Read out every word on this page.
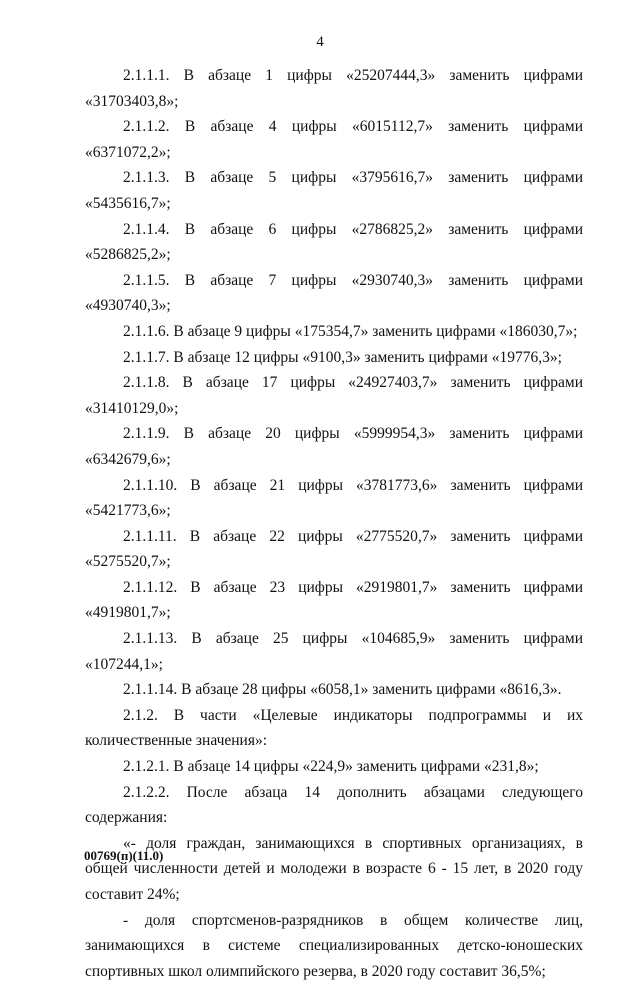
4

2.1.1.1. В абзаце 1 цифры «25207444,3» заменить цифрами «31703403,8»;

2.1.1.2. В абзаце 4 цифры «6015112,7» заменить цифрами «6371072,2»;

2.1.1.3. В абзаце 5 цифры «3795616,7» заменить цифрами «5435616,7»;

2.1.1.4. В абзаце 6 цифры «2786825,2» заменить цифрами «5286825,2»;

2.1.1.5. В абзаце 7 цифры «2930740,3» заменить цифрами «4930740,3»;

2.1.1.6. В абзаце 9 цифры «175354,7» заменить цифрами «186030,7»;

2.1.1.7. В абзаце 12 цифры «9100,3» заменить цифрами «19776,3»;

2.1.1.8. В абзаце 17 цифры «24927403,7» заменить цифрами «31410129,0»;

2.1.1.9. В абзаце 20 цифры «5999954,3» заменить цифрами «6342679,6»;

2.1.1.10. В абзаце 21 цифры «3781773,6» заменить цифрами «5421773,6»;

2.1.1.11. В абзаце 22 цифры «2775520,7» заменить цифрами «5275520,7»;

2.1.1.12. В абзаце 23 цифры «2919801,7» заменить цифрами «4919801,7»;

2.1.1.13. В абзаце 25 цифры «104685,9» заменить цифрами «107244,1»;

2.1.1.14. В абзаце 28 цифры «6058,1» заменить цифрами «8616,3».

2.1.2. В части «Целевые индикаторы подпрограммы и их количественные значения»:

2.1.2.1. В абзаце 14 цифры «224,9» заменить цифрами «231,8»;

2.1.2.2. После абзаца 14 дополнить абзацами следующего содержания:

«- доля граждан, занимающихся в спортивных организациях, в общей численности детей и молодежи в возрасте 6 - 15 лет, в 2020 году составит 24%;

- доля спортсменов-разрядников в общем количестве лиц, занимающихся в системе специализированных детско-юношеских спортивных школ олимпийского резерва, в 2020 году составит 36,5%;

00769(п)(11.0)
